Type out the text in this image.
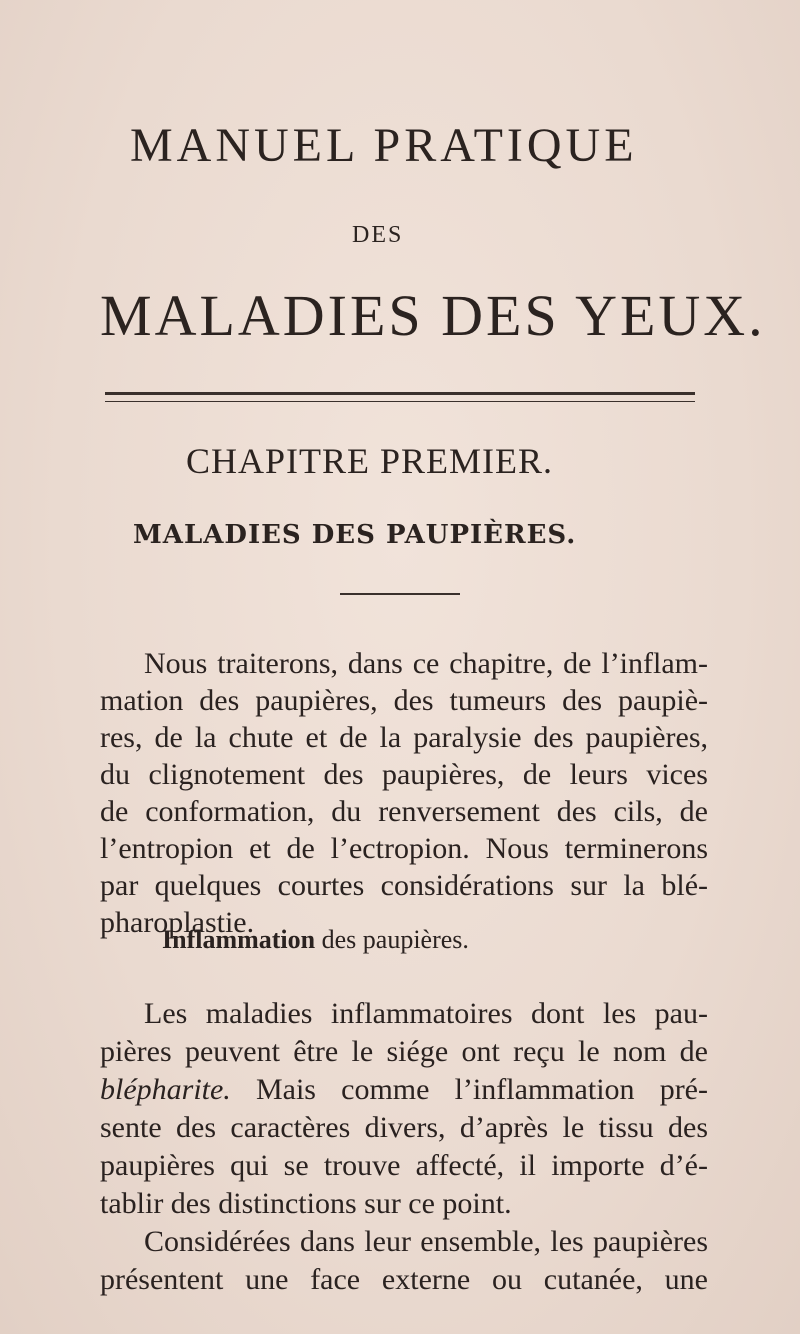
MANUEL PRATIQUE
DES
MALADIES DES YEUX.
CHAPITRE PREMIER.
MALADIES DES PAUPIÈRES.
Nous traiterons, dans ce chapitre, de l’inflam-
mation des paupières, des tumeurs des paupiè-
res, de la chute et de la paralysie des paupières,
du clignotement des paupières, de leurs vices
de conformation, du renversement des cils, de
l’entropion et de l’ectropion. Nous terminerons
par quelques courtes considérations sur la blé-
pharoplastie.
Inflammation des paupières.
Les maladies inflammatoires dont les pau-
pières peuvent être le siége ont reçu le nom de
blépharite. Mais comme l’inflammation pré-
sente des caractères divers, d’après le tissu des
paupières qui se trouve affecté, il importe d’é-
tablir des distinctions sur ce point.
Considérées dans leur ensemble, les paupières
présentent une face externe ou cutanée, une
